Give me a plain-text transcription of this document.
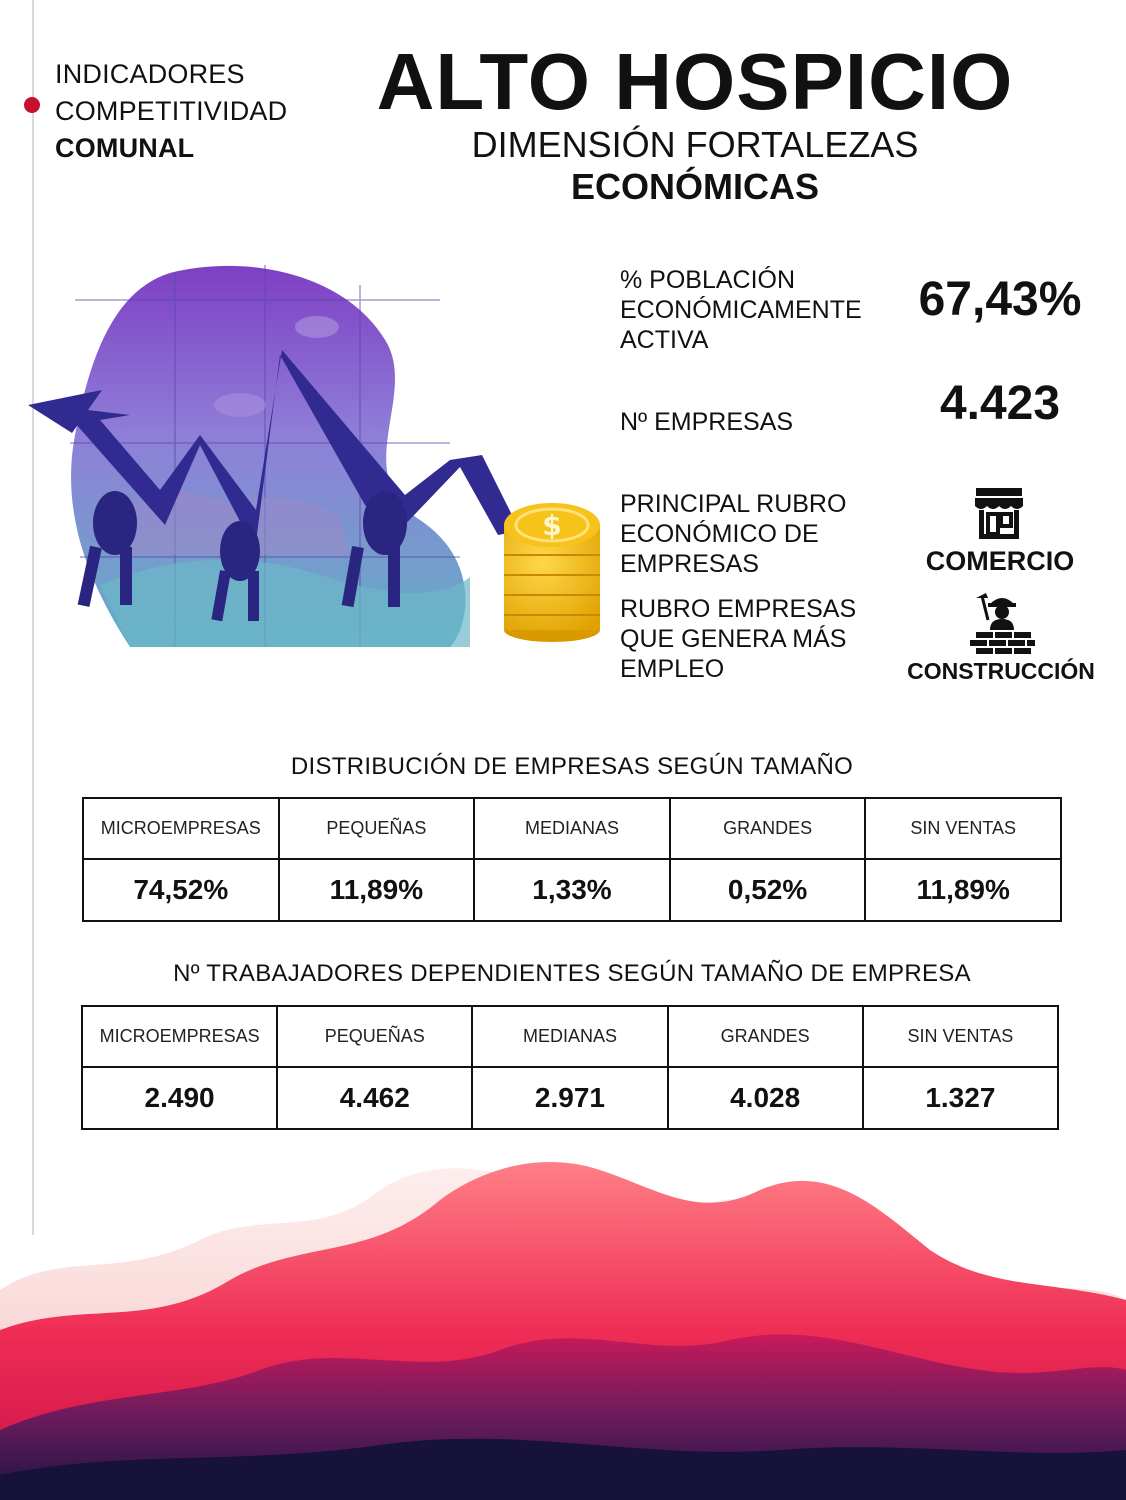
INDICADORES
COMPETITIVIDAD
COMUNAL
ALTO HOSPICIO
DIMENSIÓN FORTALEZAS
ECONÓMICAS
$
% POBLACIÓN ECONÓMICAMENTE ACTIVA
67,43%
Nº EMPRESAS	4.423
PRINCIPAL RUBRO ECONÓMICO DE EMPRESAS	COMERCIO
RUBRO EMPRESAS QUE GENERA MÁS EMPLEO	CONSTRUCCIÓN
DISTRIBUCIÓN DE EMPRESAS SEGÚN TAMAÑO
MICROEMPRESAS	PEQUEÑAS	MEDIANAS	GRANDES	SIN VENTAS
74,52%	11,89%	1,33%	0,52%	11,89%
Nº TRABAJADORES DEPENDIENTES SEGÚN TAMAÑO DE EMPRESA
MICROEMPRESAS	PEQUEÑAS	MEDIANAS	GRANDES	SIN VENTAS
2.490	4.462	2.971	4.028	1.327
